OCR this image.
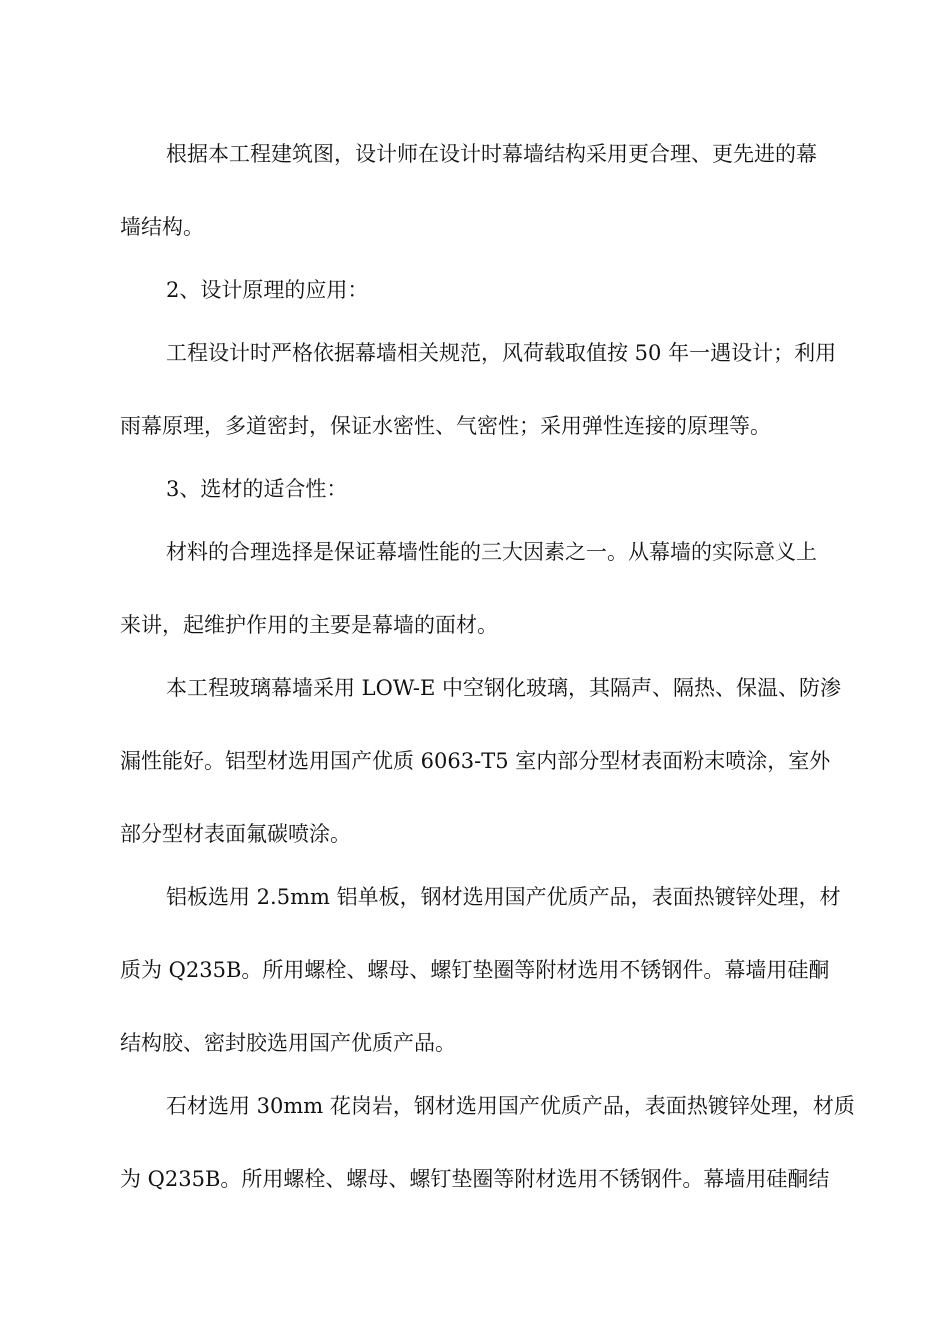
根据本工程建筑图，设计师在设计时幕墙结构采用更合理、更先进的幕
墙结构。
2、设计原理的应用：
工程设计时严格依据幕墙相关规范，风荷载取值按 50 年一遇设计；利用
雨幕原理，多道密封，保证水密性、气密性；采用弹性连接的原理等。
3、选材的适合性：
材料的合理选择是保证幕墙性能的三大因素之一。从幕墙的实际意义上
来讲，起维护作用的主要是幕墙的面材。
本工程玻璃幕墙采用 LOW-E 中空钢化玻璃，其隔声、隔热、保温、防渗
漏性能好。铝型材选用国产优质 6063-T5 室内部分型材表面粉末喷涂，室外
部分型材表面氟碳喷涂。
铝板选用 2.5mm 铝单板，钢材选用国产优质产品，表面热镀锌处理，材
质为 Q235B。所用螺栓、螺母、螺钉垫圈等附材选用不锈钢件。幕墙用硅酮
结构胶、密封胶选用国产优质产品。
石材选用 30mm 花岗岩，钢材选用国产优质产品，表面热镀锌处理，材质
为 Q235B。所用螺栓、螺母、螺钉垫圈等附材选用不锈钢件。幕墙用硅酮结
